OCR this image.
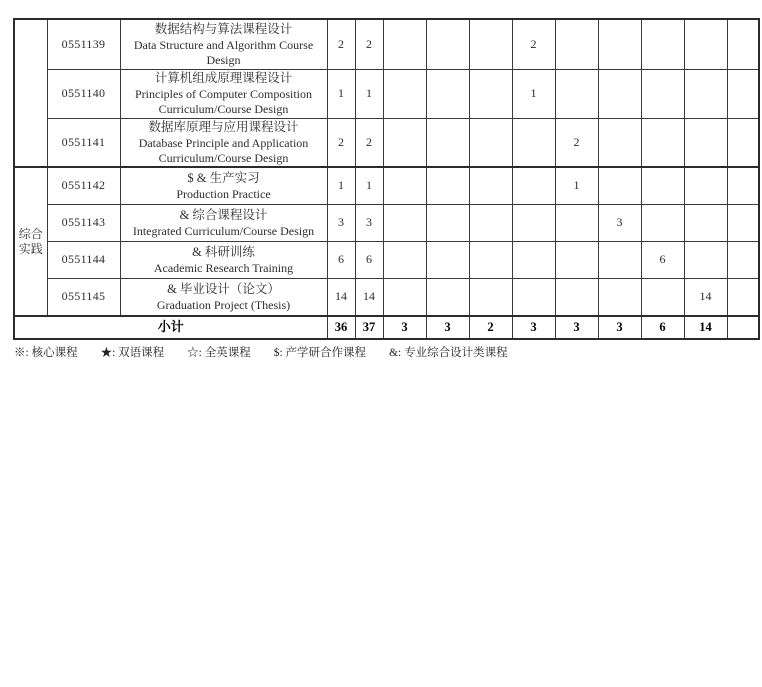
	0551139	数据结构与算法课程设计
Data Structure and Algorithm Course Design	2	2				2					
	0551140	计算机组成原理课程设计
Principles of Computer Composition Curriculum/Course Design	1	1				1					
	0551141	数据库原理与应用课程设计
Database Principle and Application Curriculum/Course Design	2	2					2				
综合实践	0551142	$ & 生产实习
Production Practice	1	1					1				
	0551143	& 综合课程设计
Integrated Curriculum/Course Design	3	3						3			
	0551144	& 科研训练
Academic Research Training	6	6							6		
	0551145	& 毕业设计（论文）
Graduation Project (Thesis)	14	14								14	
小计			36	37	3	3	2	3	3	3	6	14	
※: 核心课程 ★: 双语课程 ☆: 全英课程 $: 产学研合作课程 &: 专业综合设计类课程
